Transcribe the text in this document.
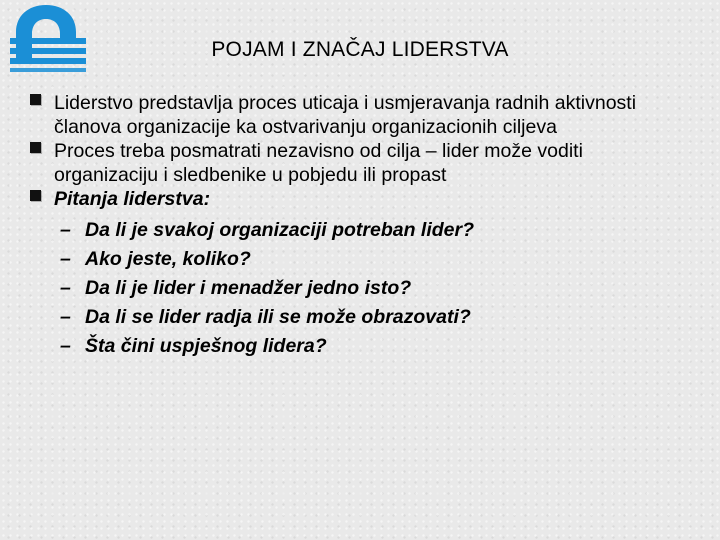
POJAM I ZNAČAJ LIDERSTVA
Liderstvo predstavlja proces uticaja i usmjeravanja radnih aktivnosti članova organizacije ka ostvarivanju organizacionih ciljeva
Proces treba posmatrati nezavisno od cilja – lider može voditi organizaciju i sledbenike u pobjedu ili propast
Pitanja liderstva:
– Da li je svakoj organizaciji potreban lider?
– Ako jeste, koliko?
– Da li je lider i menadžer jedno isto?
– Da li se lider radja ili se može obrazovati?
– Šta čini uspješnog lidera?
